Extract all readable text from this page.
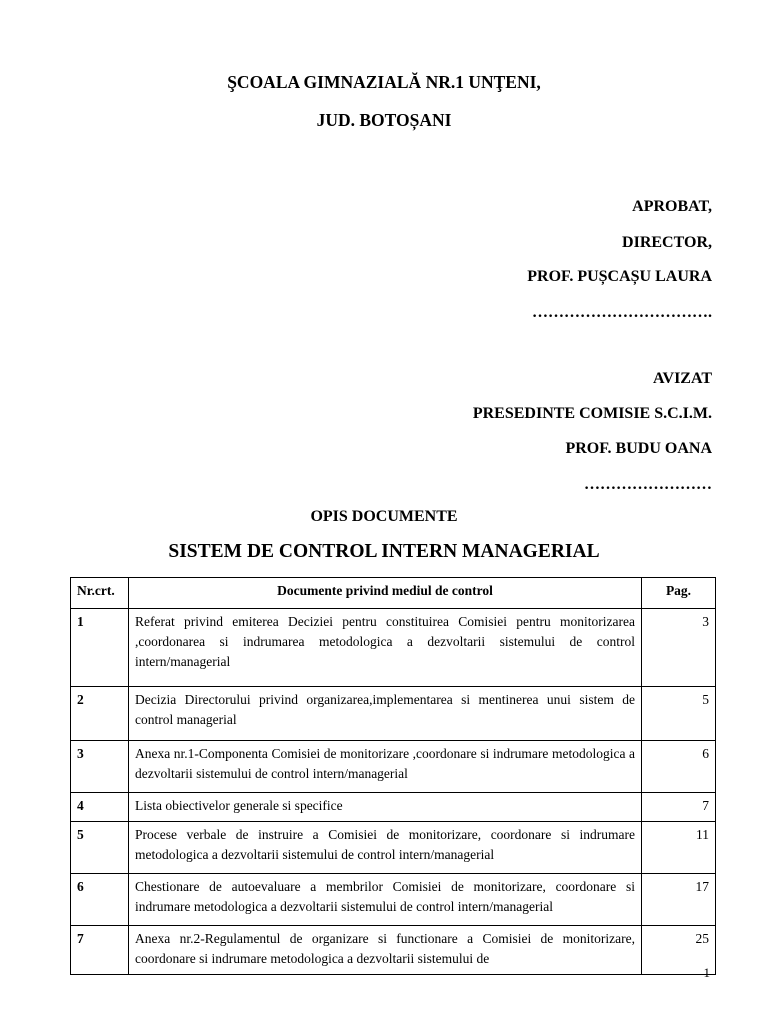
ŞCOALA GIMNAZIALĂ NR.1 UNŢENI,
JUD. BOTOȘANI
APROBAT,
DIRECTOR,
PROF. PUȘCAȘU LAURA
…………………………….
AVIZAT
PRESEDINTE COMISIE S.C.I.M.
PROF. BUDU OANA
……………………
OPIS DOCUMENTE
SISTEM DE CONTROL INTERN MANAGERIAL
Nr.crt.	Documente privind mediul de control	Pag.
1	Referat privind emiterea Deciziei pentru constituirea Comisiei pentru monitorizarea ,coordonarea si indrumarea metodologica a dezvoltarii sistemului de control intern/managerial	3
2	Decizia Directorului privind organizarea,implementarea si mentinerea unui sistem de control managerial	5
3	Anexa nr.1-Componenta Comisiei de monitorizare ,coordonare si indrumare metodologica a dezvoltarii sistemului de control intern/managerial	6
4	Lista obiectivelor generale si specifice	7
5	Procese verbale de instruire a Comisiei de monitorizare, coordonare si indrumare metodologica a dezvoltarii sistemului de control intern/managerial	11
6	Chestionare de autoevaluare a membrilor Comisiei de monitorizare, coordonare si indrumare metodologica a dezvoltarii sistemului de control intern/managerial	17
7	Anexa nr.2-Regulamentul de organizare si functionare a Comisiei de monitorizare, coordonare si indrumare metodologica a dezvoltarii sistemului de	25
1
